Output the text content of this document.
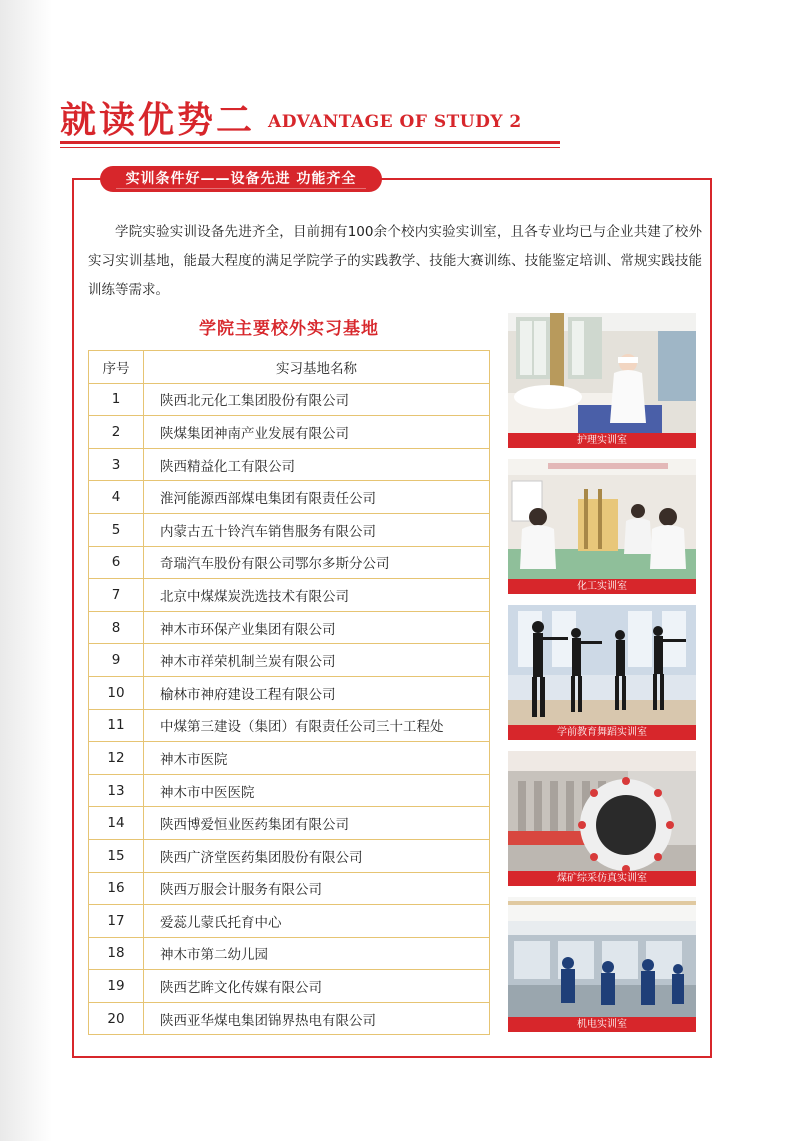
就读优势二 ADVANTAGE OF STUDY 2
实训条件好——设备先进 功能齐全

学院实验实训设备先进齐全，目前拥有100余个校内实验实训室，且各专业均已与企业共建了校外实习实训基地，能最大程度的满足学院学子的实践教学、技能大赛训练、技能鉴定培训、常规实践技能训练等需求。

学院主要校外实习基地
序号	实习基地名称
1	陕西北元化工集团股份有限公司
2	陕煤集团神南产业发展有限公司
3	陕西精益化工有限公司
4	淮河能源西部煤电集团有限责任公司
5	内蒙古五十铃汽车销售服务有限公司
6	奇瑞汽车股份有限公司鄂尔多斯分公司
7	北京中煤煤炭洗选技术有限公司
8	神木市环保产业集团有限公司
9	神木市祥荣机制兰炭有限公司
10	榆林市神府建设工程有限公司
11	中煤第三建设（集团）有限责任公司三十工程处
12	神木市医院
13	神木市中医医院
14	陕西博爱恒业医药集团有限公司
15	陕西广济堂医药集团股份有限公司
16	陕西万服会计服务有限公司
17	爱蕊儿蒙氏托育中心
18	神木市第二幼儿园
19	陕西艺眸文化传媒有限公司
20	陕西亚华煤电集团锦界热电有限公司
护理实训室
化工实训室
学前教育舞蹈实训室
煤矿综采仿真实训室
机电实训室
